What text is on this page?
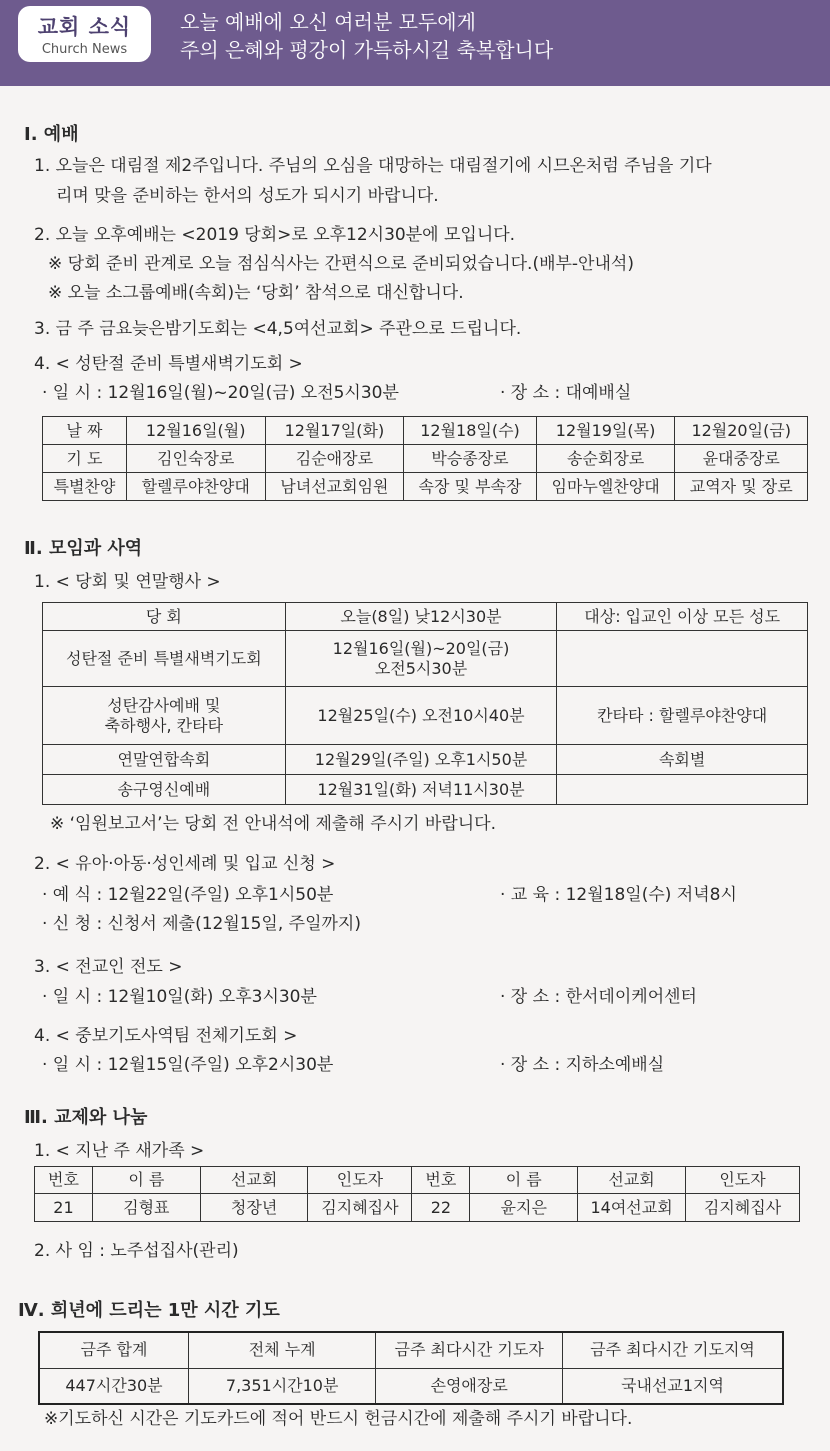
교회 소식
Church News
오늘 예배에 오신 여러분 모두에게
주의 은혜와 평강이 가득하시길 축복합니다
Ⅰ. 예배
1. 오늘은 대림절 제2주입니다. 주님의 오심을 대망하는 대림절기에 시므온처럼 주님을 기다
리며 맞을 준비하는 한서의 성도가 되시기 바랍니다.
2. 오늘 오후예배는 <2019 당회>로 오후12시30분에 모입니다.
※ 당회 준비 관계로 오늘 점심식사는 간편식으로 준비되었습니다.(배부-안내석)
※ 오늘 소그룹예배(속회)는 ‘당회’ 참석으로 대신합니다.
3. 금 주 금요늦은밤기도회는 <4,5여선교회> 주관으로 드립니다.
4. < 성탄절 준비 특별새벽기도회 >
· 일 시 : 12월16일(월)~20일(금) 오전5시30분	· 장 소 : 대예배실
날 짜	12월16일(월)	12월17일(화)	12월18일(수)	12월19일(목)	12월20일(금)
기 도	김인숙장로	김순애장로	박승종장로	송순회장로	윤대중장로
특별찬양	할렐루야찬양대	남녀선교회임원	속장 및 부속장	임마누엘찬양대	교역자 및 장로
Ⅱ. 모임과 사역
1. < 당회 및 연말행사 >
당 회	오늘(8일) 낮12시30분	대상: 입교인 이상 모든 성도
성탄절 준비 특별새벽기도회	12월16일(월)~20일(금)
오전5시30분	

성탄감사예배 및
축하행사, 칸타타	12월25일(수) 오전10시40분	칸타타 : 할렐루야찬양대
연말연합속회	12월29일(주일) 오후1시50분	속회별
송구영신예배	12월31일(화) 저녁11시30분	
※ ‘임원보고서’는 당회 전 안내석에 제출해 주시기 바랍니다.
2. < 유아·아동·성인세례 및 입교 신청 >
· 예 식 : 12월22일(주일) 오후1시50분	· 교 육 : 12월18일(수) 저녁8시
· 신 청 : 신청서 제출(12월15일, 주일까지)
3. < 전교인 전도 >
· 일 시 : 12월10일(화) 오후3시30분	· 장 소 : 한서데이케어센터
4. < 중보기도사역팀 전체기도회 >
· 일 시 : 12월15일(주일) 오후2시30분	· 장 소 : 지하소예배실
Ⅲ. 교제와 나눔
1. < 지난 주 새가족 >
번호	이 름	선교회	인도자	번호	이 름	선교회	인도자
21	김형표	청장년	김지혜집사	22	윤지은	14여선교회	김지혜집사
2. 사 임 : 노주섭집사(관리)
Ⅳ. 희년에 드리는 1만 시간 기도
금주 합계	전체 누계	금주 최다시간 기도자	금주 최다시간 기도지역
447시간30분	7,351시간10분	손영애장로	국내선교1지역
※기도하신 시간은 기도카드에 적어 반드시 헌금시간에 제출해 주시기 바랍니다.
